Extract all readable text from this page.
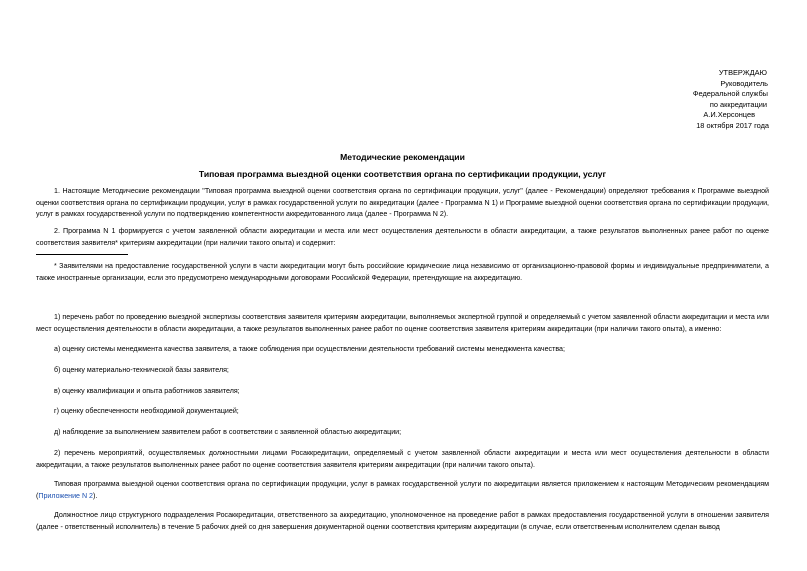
УТВЕРЖДАЮ
Руководитель
Федеральной службы
по аккредитации
А.И.Херсонцев
18 октября 2017 года
Методические рекомендации
Типовая программа выездной оценки соответствия органа по сертификации продукции, услуг

1. Настоящие Методические рекомендации "Типовая программа выездной оценки соответствия органа по сертификации продукции, услуг" (далее - Рекомендации) определяют требования к Программе выездной оценки соответствия органа по сертификации продукции, услуг в рамках государственной услуги по аккредитации (далее - Программа N 1) и Программе выездной оценки соответствия органа по сертификации продукции, услуг в рамках государственной услуги по подтверждению компетентности аккредитованного лица (далее - Программа N 2).

2. Программа N 1 формируется с учетом заявленной области аккредитации и места или мест осуществления деятельности в области аккредитации, а также результатов выполненных ранее работ по оценке соответствия заявителя* критериям аккредитации (при наличии такого опыта) и содержит:

* Заявителями на предоставление государственной услуги в части аккредитации могут быть российские юридические лица независимо от организационно-правовой формы и индивидуальные предприниматели, а также иностранные организации, если это предусмотрено международными договорами Российской Федерации, претендующие на аккредитацию.

1) перечень работ по проведению выездной экспертизы соответствия заявителя критериям аккредитации, выполняемых экспертной группой и определяемый с учетом заявленной области аккредитации и места или мест осуществления деятельности в области аккредитации, а также результатов выполненных ранее работ по оценке соответствия заявителя критериям аккредитации (при наличии такого опыта), а именно:

а) оценку системы менеджмента качества заявителя, а также соблюдения при осуществлении деятельности требований системы менеджмента качества;

б) оценку материально-технической базы заявителя;

в) оценку квалификации и опыта работников заявителя;

г) оценку обеспеченности необходимой документацией;

д) наблюдение за выполнением заявителем работ в соответствии с заявленной областью аккредитации;

2) перечень мероприятий, осуществляемых должностными лицами Росаккредитации, определяемый с учетом заявленной области аккредитации и места или мест осуществления деятельности в области аккредитации, а также результатов выполненных ранее работ по оценке соответствия заявителя критериям аккредитации (при наличии такого опыта).

Типовая программа выездной оценки соответствия органа по сертификации продукции, услуг в рамках государственной услуги по аккредитации является приложением к настоящим Методическим рекомендациям (Приложение N 2).

Должностное лицо структурного подразделения Росаккредитации, ответственного за аккредитацию, уполномоченное на проведение работ в рамках предоставления государственной услуги в отношении заявителя (далее - ответственный исполнитель) в течение 5 рабочих дней со дня завершения документарной оценки соответствия критериям аккредитации (в случае, если ответственным исполнителем сделан вывод
